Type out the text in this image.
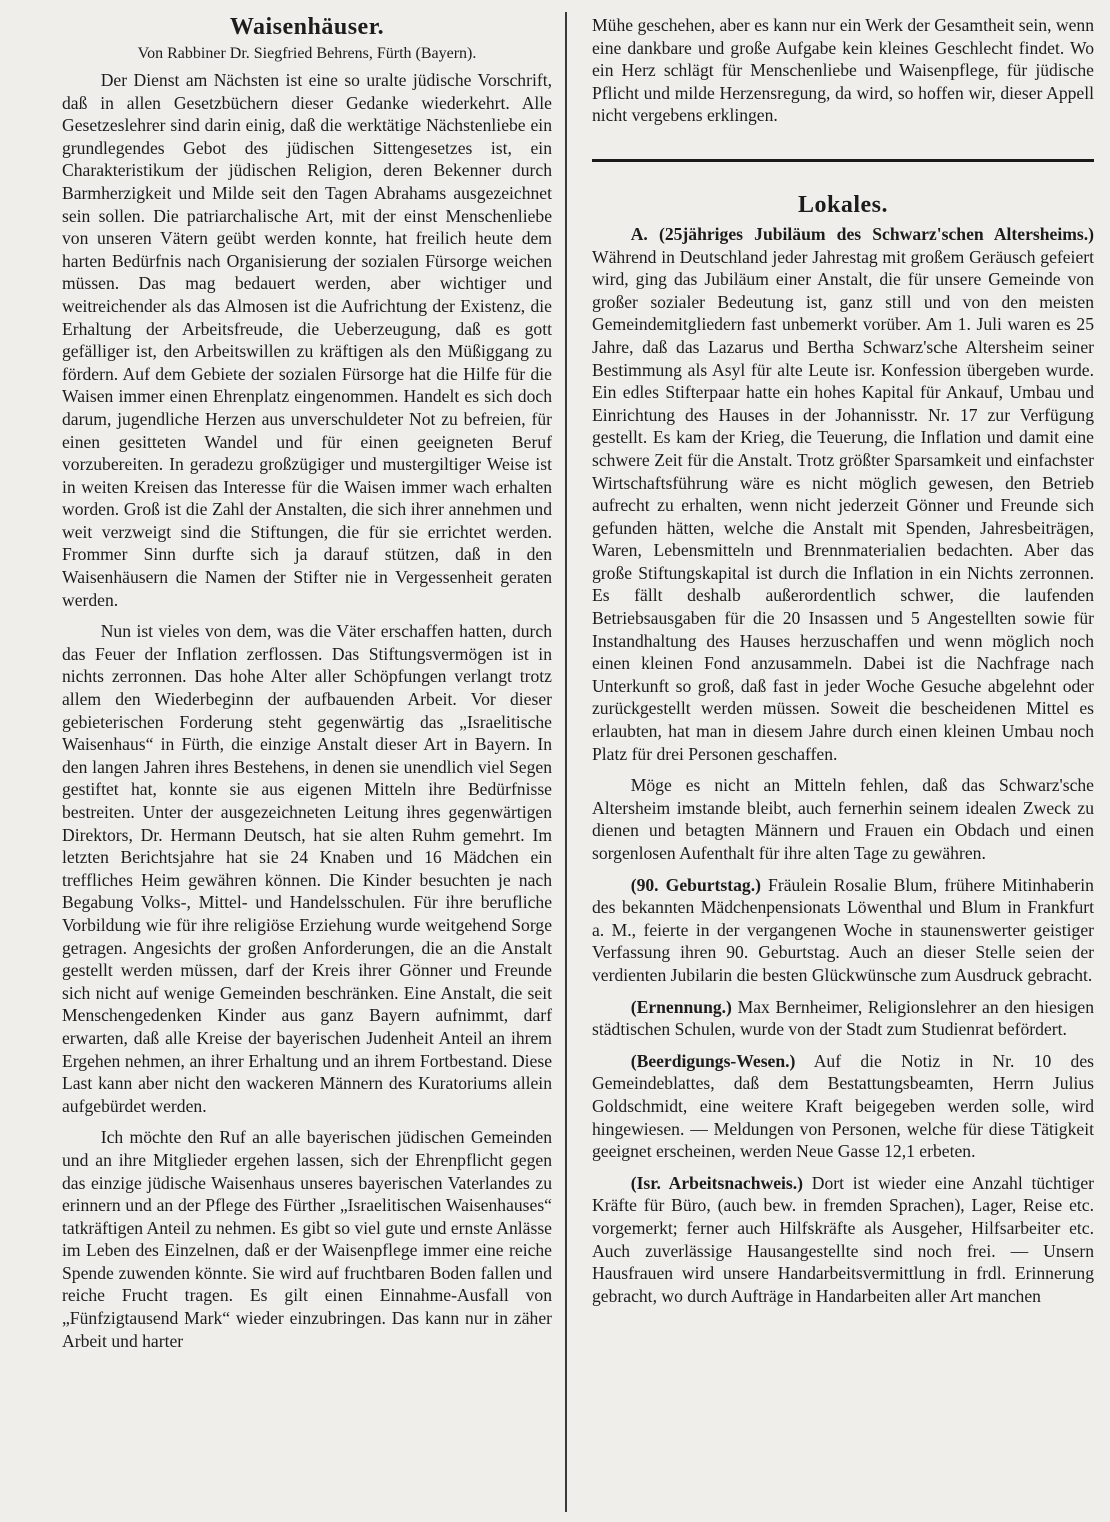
Waisenhäuser.
Von Rabbiner Dr. Siegfried Behrens, Fürth (Bayern).

Der Dienst am Nächsten ist eine so uralte jüdische Vorschrift, daß in allen Gesetzbüchern dieser Gedanke wiederkehrt. Alle Gesetzeslehrer sind darin einig, daß die werktätige Nächstenliebe ein grundlegendes Gebot des jüdischen Sittengesetzes ist, ein Charakteristikum der jüdischen Religion, deren Bekenner durch Barmherzigkeit und Milde seit den Tagen Abrahams ausgezeichnet sein sollen. Die patriarchalische Art, mit der einst Menschenliebe von unseren Vätern geübt werden konnte, hat freilich heute dem harten Bedürfnis nach Organisierung der sozialen Fürsorge weichen müssen. Das mag bedauert werden, aber wichtiger und weitreichender als das Almosen ist die Aufrichtung der Existenz, die Erhaltung der Arbeitsfreude, die Ueberzeugung, daß es gott gefälliger ist, den Arbeitswillen zu kräftigen als den Müßiggang zu fördern. Auf dem Gebiete der sozialen Fürsorge hat die Hilfe für die Waisen immer einen Ehrenplatz eingenommen. Handelt es sich doch darum, jugendliche Herzen aus unverschuldeter Not zu befreien, für einen gesitteten Wandel und für einen geeigneten Beruf vorzubereiten. In geradezu großzügiger und mustergiltiger Weise ist in weiten Kreisen das Interesse für die Waisen immer wach erhalten worden. Groß ist die Zahl der Anstalten, die sich ihrer annehmen und weit verzweigt sind die Stiftungen, die für sie errichtet werden. Frommer Sinn durfte sich ja darauf stützen, daß in den Waisenhäusern die Namen der Stifter nie in Vergessenheit geraten werden.

Nun ist vieles von dem, was die Väter erschaffen hatten, durch das Feuer der Inflation zerflossen. Das Stiftungsvermögen ist in nichts zerronnen. Das hohe Alter aller Schöpfungen verlangt trotz allem den Wiederbeginn der aufbauenden Arbeit. Vor dieser gebieterischen Forderung steht gegenwärtig das „Israelitische Waisenhaus“ in Fürth, die einzige Anstalt dieser Art in Bayern. In den langen Jahren ihres Bestehens, in denen sie unendlich viel Segen gestiftet hat, konnte sie aus eigenen Mitteln ihre Bedürfnisse bestreiten. Unter der ausgezeichneten Leitung ihres gegenwärtigen Direktors, Dr. Hermann Deutsch, hat sie alten Ruhm gemehrt. Im letzten Berichtsjahre hat sie 24 Knaben und 16 Mädchen ein treffliches Heim gewähren können. Die Kinder besuchten je nach Begabung Volks-, Mittel- und Handelsschulen. Für ihre berufliche Vorbildung wie für ihre religiöse Erziehung wurde weitgehend Sorge getragen. Angesichts der großen Anforderungen, die an die Anstalt gestellt werden müssen, darf der Kreis ihrer Gönner und Freunde sich nicht auf wenige Gemeinden beschränken. Eine Anstalt, die seit Menschengedenken Kinder aus ganz Bayern aufnimmt, darf erwarten, daß alle Kreise der bayerischen Judenheit Anteil an ihrem Ergehen nehmen, an ihrer Erhaltung und an ihrem Fortbestand. Diese Last kann aber nicht den wackeren Männern des Kuratoriums allein aufgebürdet werden.

Ich möchte den Ruf an alle bayerischen jüdischen Gemeinden und an ihre Mitglieder ergehen lassen, sich der Ehrenpflicht gegen das einzige jüdische Waisenhaus unseres bayerischen Vaterlandes zu erinnern und an der Pflege des Fürther „Israelitischen Waisenhauses“ tatkräftigen Anteil zu nehmen. Es gibt so viel gute und ernste Anlässe im Leben des Einzelnen, daß er der Waisenpflege immer eine reiche Spende zuwenden könnte. Sie wird auf fruchtbaren Boden fallen und reiche Frucht tragen. Es gilt einen Einnahme-Ausfall von „Fünfzigtausend Mark“ wieder einzubringen. Das kann nur in zäher Arbeit und harter

Mühe geschehen, aber es kann nur ein Werk der Gesamtheit sein, wenn eine dankbare und große Aufgabe kein kleines Geschlecht findet. Wo ein Herz schlägt für Menschenliebe und Waisenpflege, für jüdische Pflicht und milde Herzensregung, da wird, so hoffen wir, dieser Appell nicht vergebens erklingen.

Lokales.

A. (25jähriges Jubiläum des Schwarz'schen Altersheims.) Während in Deutschland jeder Jahrestag mit großem Geräusch gefeiert wird, ging das Jubiläum einer Anstalt, die für unsere Gemeinde von großer sozialer Bedeutung ist, ganz still und von den meisten Gemeindemitgliedern fast unbemerkt vorüber. Am 1. Juli waren es 25 Jahre, daß das Lazarus und Bertha Schwarz'sche Altersheim seiner Bestimmung als Asyl für alte Leute isr. Konfession übergeben wurde. Ein edles Stifterpaar hatte ein hohes Kapital für Ankauf, Umbau und Einrichtung des Hauses in der Johannisstr. Nr. 17 zur Verfügung gestellt. Es kam der Krieg, die Teuerung, die Inflation und damit eine schwere Zeit für die Anstalt. Trotz größter Sparsamkeit und einfachster Wirtschaftsführung wäre es nicht möglich gewesen, den Betrieb aufrecht zu erhalten, wenn nicht jederzeit Gönner und Freunde sich gefunden hätten, welche die Anstalt mit Spenden, Jahresbeiträgen, Waren, Lebensmitteln und Brennmaterialien bedachten. Aber das große Stiftungskapital ist durch die Inflation in ein Nichts zerronnen. Es fällt deshalb außerordentlich schwer, die laufenden Betriebsausgaben für die 20 Insassen und 5 Angestellten sowie für Instandhaltung des Hauses herzuschaffen und wenn möglich noch einen kleinen Fond anzusammeln. Dabei ist die Nachfrage nach Unterkunft so groß, daß fast in jeder Woche Gesuche abgelehnt oder zurückgestellt werden müssen. Soweit die bescheidenen Mittel es erlaubten, hat man in diesem Jahre durch einen kleinen Umbau noch Platz für drei Personen geschaffen.

Möge es nicht an Mitteln fehlen, daß das Schwarz'sche Altersheim imstande bleibt, auch fernerhin seinem idealen Zweck zu dienen und betagten Männern und Frauen ein Obdach und einen sorgenlosen Aufenthalt für ihre alten Tage zu gewähren.

(90. Geburtstag.) Fräulein Rosalie Blum, frühere Mitinhaberin des bekannten Mädchenpensionats Löwenthal und Blum in Frankfurt a. M., feierte in der vergangenen Woche in staunenswerter geistiger Verfassung ihren 90. Geburtstag. Auch an dieser Stelle seien der verdienten Jubilarin die besten Glückwünsche zum Ausdruck gebracht.

(Ernennung.) Max Bernheimer, Religionslehrer an den hiesigen städtischen Schulen, wurde von der Stadt zum Studienrat befördert.

(Beerdigungs-Wesen.) Auf die Notiz in Nr. 10 des Gemeindeblattes, daß dem Bestattungsbeamten, Herrn Julius Goldschmidt, eine weitere Kraft beigegeben werden solle, wird hingewiesen. — Meldungen von Personen, welche für diese Tätigkeit geeignet erscheinen, werden Neue Gasse 12,1 erbeten.

(Isr. Arbeitsnachweis.) Dort ist wieder eine Anzahl tüchtiger Kräfte für Büro, (auch bew. in fremden Sprachen), Lager, Reise etc. vorgemerkt; ferner auch Hilfskräfte als Ausgeher, Hilfsarbeiter etc. Auch zuverlässige Hausangestellte sind noch frei. — Unsern Hausfrauen wird unsere Handarbeitsvermittlung in frdl. Erinnerung gebracht, wo durch Aufträge in Handarbeiten aller Art manchen
